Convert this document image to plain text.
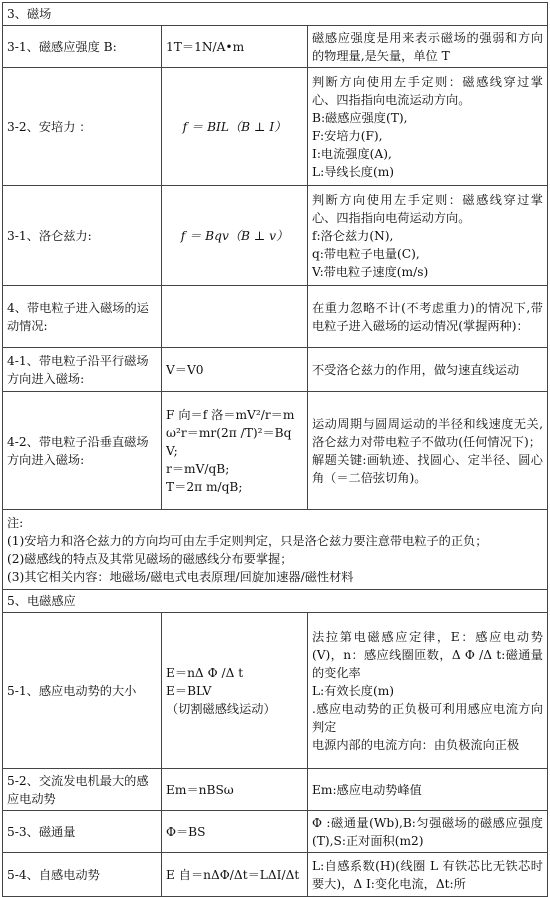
3、磁场		
3-1、磁感应强度 B:	1T＝1N/A•m	磁感应强度是用来表示磁场的强弱和方向的物理量,是矢量，单位 T

3-2、安培力 ：	f ＝ BIL（B ⊥ I）	判断方向使用左手定则：磁感线穿过掌心、四指指向电流运动方向。
B:磁感应强度(T),
F:安培力(F),
I:电流强度(A),
L:导线长度(m)

3-1、洛仑兹力:	f ＝ Bqv（B ⊥ v）	判断方向使用左手定则：磁感线穿过掌心、四指指向电荷运动方向。
f:洛仑兹力(N),
q:带电粒子电量(C),
V:带电粒子速度(m/s)

4、带电粒子进入磁场的运动情况:		在重力忽略不计(不考虑重力)的情况下,带电粒子进入磁场的运动情况(掌握两种)：

4-1、带电粒子沿平行磁场方向进入磁场:	V＝V0	不受洛仑兹力的作用，做匀速直线运动

4-2、带电粒子沿垂直磁场方向进入磁场:	F 向＝f 洛＝mV²/r＝mω²r＝mr(2π /T)²＝BqV;
r＝mV/qB;
T＝2π m/qB;	运动周期与圆周运动的半径和线速度无关,洛仑兹力对带电粒子不做功(任何情况下)；
解题关键:画轨迹、找圆心、定半径、圆心角（＝二倍弦切角)。

注:
(1)安培力和洛仑兹力的方向均可由左手定则判定，只是洛仑兹力要注意带电粒子的正负；
(2)磁感线的特点及其常见磁场的磁感线分布要掌握；
(3)其它相关内容：地磁场/磁电式电表原理/回旋加速器/磁性材料		

5、电磁感应		
5-1、感应电动势的大小	E＝nΔ Φ /Δ t
E＝BLV
（切割磁感线运动）	法拉第电磁感应定律，E：感应电动势(V)，n：感应线圈匝数，Δ Φ /Δ t:磁通量的变化率
L:有效长度(m)
.感应电动势的正负极可利用感应电流方向判定
电源内部的电流方向：由负极流向正极

5-2、交流发电机最大的感应电动势	Em＝nBSω	Em:感应电动势峰值

5-3、磁通量	Φ＝BS	Φ :磁通量(Wb),B:匀强磁场的磁感应强度(T),S:正对面积(m2)

5-4、自感电动势	E 自＝nΔΦ/Δt＝LΔI/Δt	L:自感系数(H)(线圈 L 有铁芯比无铁芯时要大)，Δ I:变化电流，Δt:所
